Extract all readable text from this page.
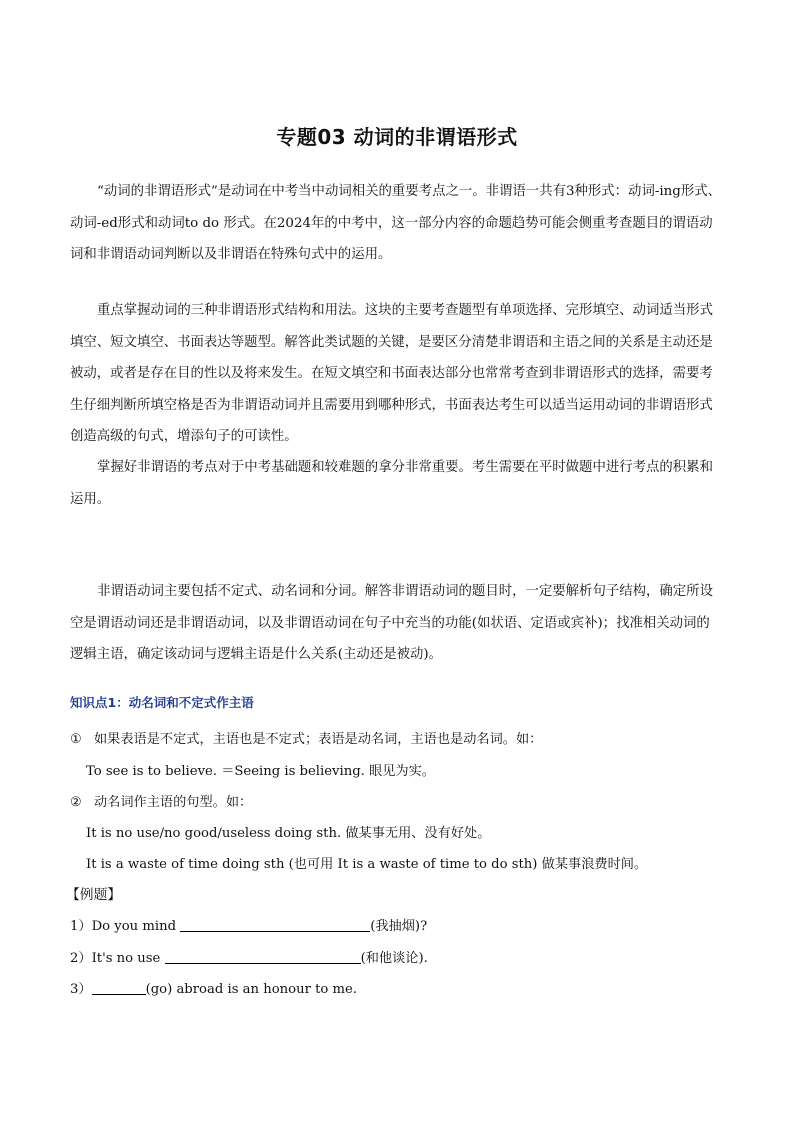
专题03 动词的非谓语形式

“动词的非谓语形式”是动词在中考当中动词相关的重要考点之一。非谓语一共有3种形式：动词-ing形式、动词-ed形式和动词to do 形式。在2024年的中考中，这一部分内容的命题趋势可能会侧重考查题目的谓语动词和非谓语动词判断以及非谓语在特殊句式中的运用。

重点掌握动词的三种非谓语形式结构和用法。这块的主要考查题型有单项选择、完形填空、动词适当形式填空、短文填空、书面表达等题型。解答此类试题的关键，是要区分清楚非谓语和主语之间的关系是主动还是被动，或者是存在目的性以及将来发生。在短文填空和书面表达部分也常常考查到非谓语形式的选择，需要考生仔细判断所填空格是否为非谓语动词并且需要用到哪种形式，书面表达考生可以适当运用动词的非谓语形式创造高级的句式，增添句子的可读性。

掌握好非谓语的考点对于中考基础题和较难题的拿分非常重要。考生需要在平时做题中进行考点的积累和运用。

非谓语动词主要包括不定式、动名词和分词。解答非谓语动词的题目时，一定要解析句子结构，确定所设空是谓语动词还是非谓语动词，以及非谓语动词在句子中充当的功能(如状语、定语或宾补)；找准相关动词的逻辑主语，确定该动词与逻辑主语是什么关系(主动还是被动)。

知识点1：动名词和不定式作主语
① 如果表语是不定式，主语也是不定式；表语是动名词，主语也是动名词。如：
To see is to believe. ＝Seeing is believing. 眼见为实。
② 动名词作主语的句型。如：
It is no use/no good/useless doing sth. 做某事无用、没有好处。
It is a waste of time doing sth (也可用 It is a waste of time to do sth) 做某事浪费时间。
【例题】
1）Do you mind	(我抽烟)?
2）It's no use	(和他谈论).
3）	(go) abroad is an honour to me.
